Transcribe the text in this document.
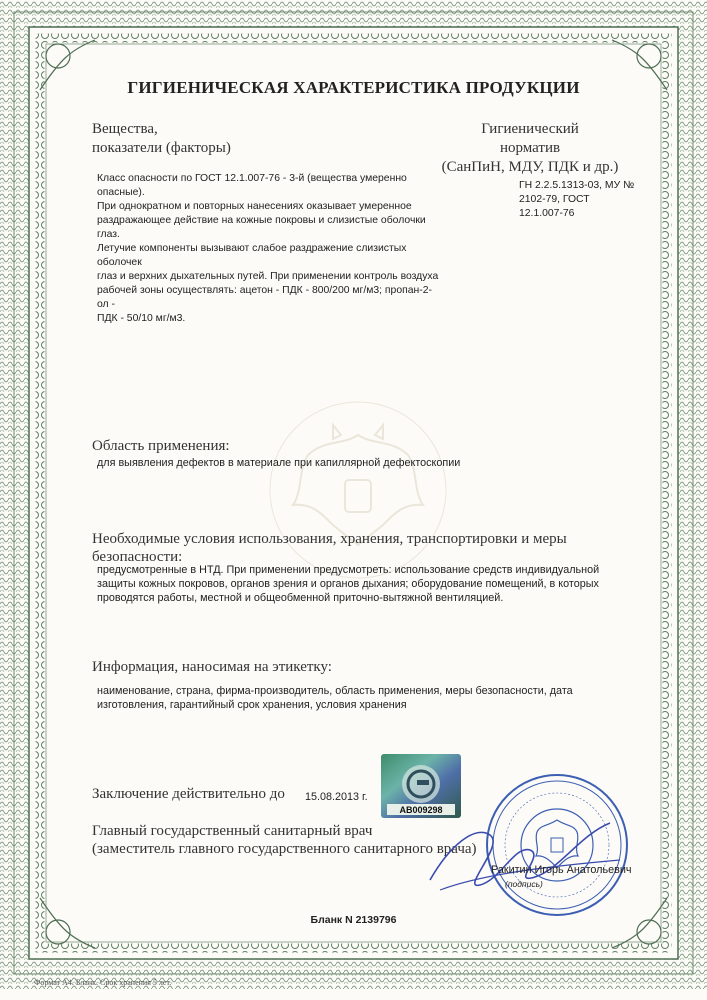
ГИГИЕНИЧЕСКАЯ ХАРАКТЕРИСТИКА ПРОДУКЦИИ
Вещества,
показатели (факторы)
Гигиенический
норматив
(СанПиН, МДУ, ПДК и др.)
Класс опасности по ГОСТ 12.1.007-76 - 3-й (вещества умеренно опасные).
При однократном и повторных нанесениях оказывает умеренное
раздражающее действие на кожные покровы и слизистые оболочки глаз.
Летучие компоненты вызывают слабое раздражение слизистых оболочек
глаз и верхних дыхательных путей. При применении контроль воздуха
рабочей зоны осуществлять: ацетон - ПДК - 800/200 мг/м3; пропан-2-ол -
ПДК - 50/10 мг/м3.
ГН 2.2.5.1313-03, МУ №
2102-79, ГОСТ
12.1.007-76
Область применения:
для выявления дефектов в материале при капиллярной дефектоскопии
Необходимые условия использования, хранения, транспортировки и меры
безопасности:
предусмотренные в НТД. При применении предусмотреть: использование средств индивидуальной
защиты кожных покровов, органов зрения и органов дыхания; оборудование помещений, в которых
проводятся работы, местной и общеобменной приточно-вытяжной вентиляцией.
Информация, наносимая на этикетку:
наименование, страна, фирма-производитель, область применения, меры безопасности, дата
изготовления, гарантийный срок хранения, условия хранения
Заключение действительно до 15.08.2013 г.
AB009298
Главный государственный санитарный врач
(заместитель главного государственного санитарного врача)
Ракитин Игорь Анатольевич
(подпись)
Бланк N 2139796
Формат А4. Бланк. Срок хранения 5 лет.
